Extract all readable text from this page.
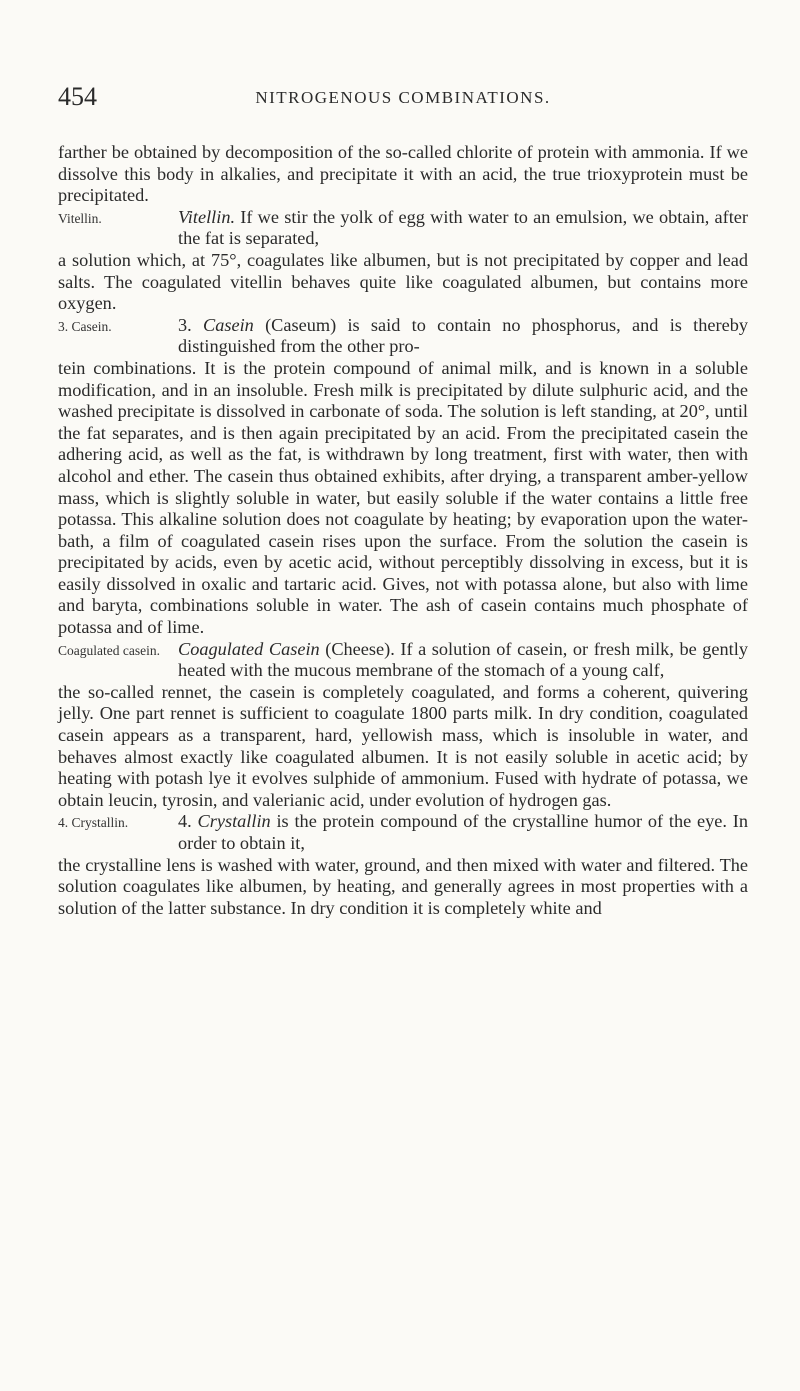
454	NITROGENOUS COMBINATIONS.

farther be obtained by decomposition of the so-called chlorite of protein with ammonia. If we dissolve this body in alkalies, and precipitate it with an acid, the true trioxyprotein must be precipitated.

Vitellin.	Vitellin. If we stir the yolk of egg with water to an emulsion, we obtain, after the fat is separated,

a solution which, at 75°, coagulates like albumen, but is not precipitated by copper and lead salts. The coagulated vitellin behaves quite like coagulated albumen, but contains more oxygen.

3. Casein.	3. Casein (Caseum) is said to contain no phosphorus, and is thereby distinguished from the other pro-

tein combinations. It is the protein compound of animal milk, and is known in a soluble modification, and in an insoluble. Fresh milk is precipitated by dilute sulphuric acid, and the washed precipitate is dissolved in carbonate of soda. The solution is left standing, at 20°, until the fat separates, and is then again precipitated by an acid. From the precipitated casein the adhering acid, as well as the fat, is withdrawn by long treatment, first with water, then with alcohol and ether. The casein thus obtained exhibits, after drying, a transparent amber-yellow mass, which is slightly soluble in water, but easily soluble if the water contains a little free potassa. This alkaline solution does not coagulate by heating; by evaporation upon the water-bath, a film of coagulated casein rises upon the surface. From the solution the casein is precipitated by acids, even by acetic acid, without perceptibly dissolving in excess, but it is easily dissolved in oxalic and tartaric acid. Gives, not with potassa alone, but also with lime and baryta, combinations soluble in water. The ash of casein contains much phosphate of potassa and of lime.

Coagulated casein. Coagulated Casein (Cheese). If a solution of casein, or fresh milk, be gently heated with the mucous membrane of the stomach of a young calf,

the so-called rennet, the casein is completely coagulated, and forms a coherent, quivering jelly. One part rennet is sufficient to coagulate 1800 parts milk. In dry condition, coagulated casein appears as a transparent, hard, yellowish mass, which is insoluble in water, and behaves almost exactly like coagulated albumen. It is not easily soluble in acetic acid; by heating with potash lye it evolves sulphide of ammonium. Fused with hydrate of potassa, we obtain leucin, tyrosin, and valerianic acid, under evolution of hydrogen gas.

4. Crystallin.	4. Crystallin is the protein compound of the crystalline humor of the eye. In order to obtain it,

the crystalline lens is washed with water, ground, and then mixed with water and filtered. The solution coagulates like albumen, by heating, and generally agrees in most properties with a solution of the latter substance. In dry condition it is completely white and
